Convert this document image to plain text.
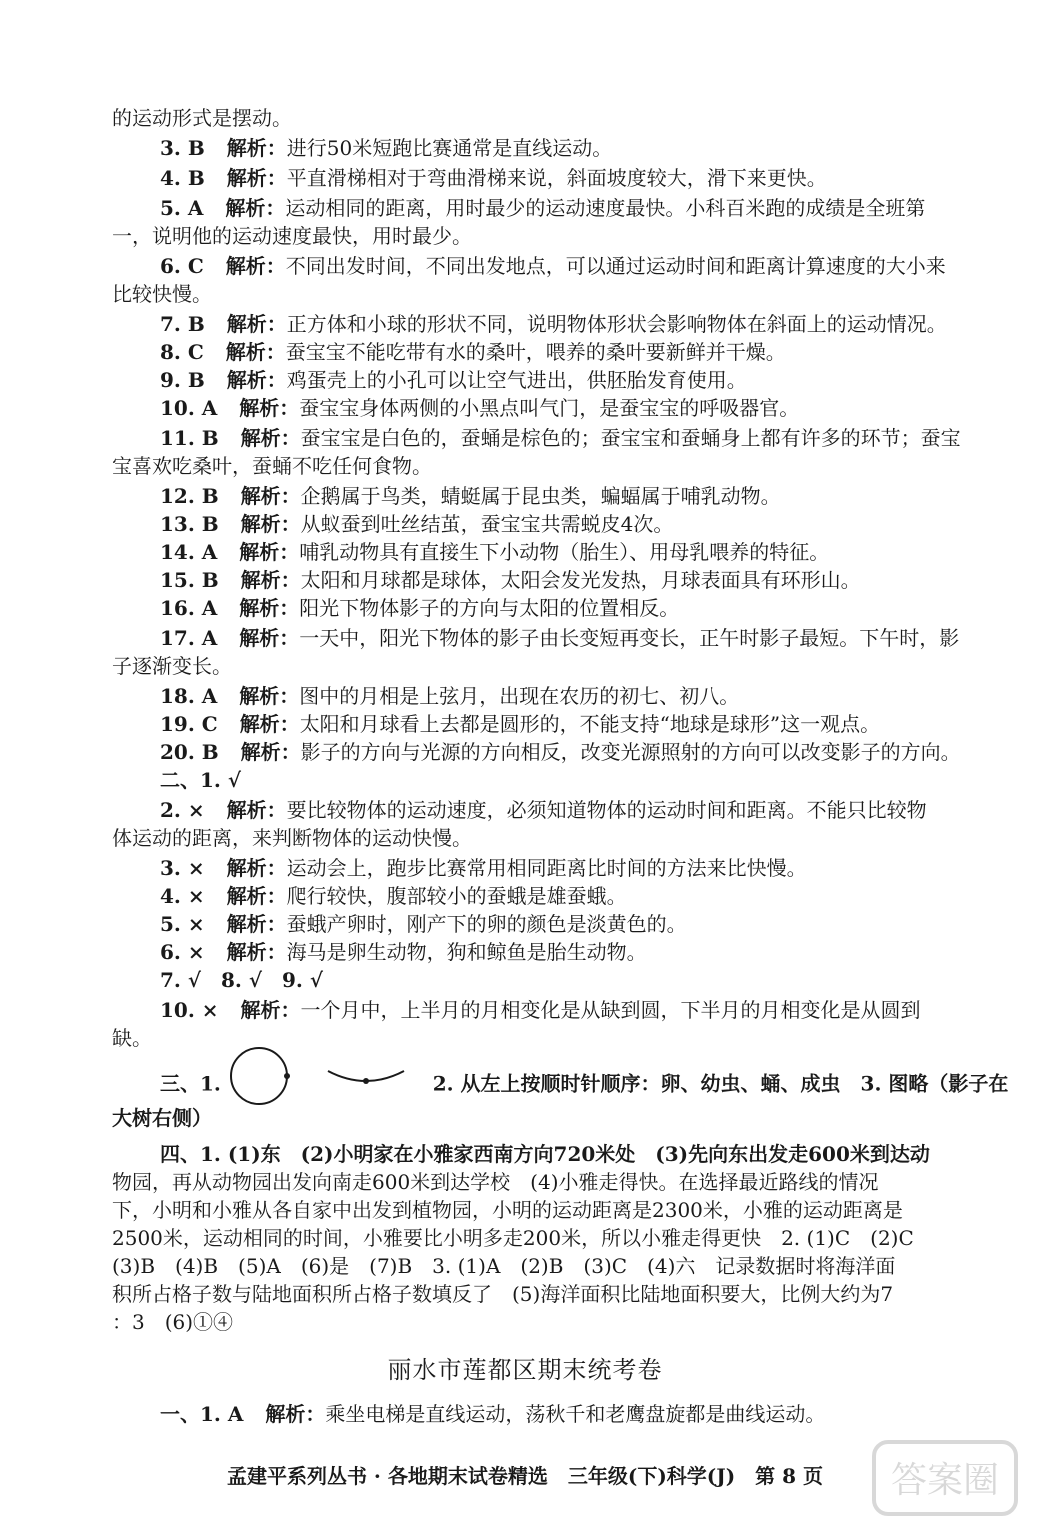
的运动形式是摆动。
3. B 解析：进行50米短跑比赛通常是直线运动。
4. B 解析：平直滑梯相对于弯曲滑梯来说，斜面坡度较大，滑下来更快。
5. A 解析：运动相同的距离，用时最少的运动速度最快。小科百米跑的成绩是全班第
一，说明他的运动速度最快，用时最少。
6. C 解析：不同出发时间，不同出发地点，可以通过运动时间和距离计算速度的大小来
比较快慢。
7. B 解析：正方体和小球的形状不同，说明物体形状会影响物体在斜面上的运动情况。
8. C 解析：蚕宝宝不能吃带有水的桑叶，喂养的桑叶要新鲜并干燥。
9. B 解析：鸡蛋壳上的小孔可以让空气进出，供胚胎发育使用。
10. A 解析：蚕宝宝身体两侧的小黑点叫气门，是蚕宝宝的呼吸器官。
11. B 解析：蚕宝宝是白色的，蚕蛹是棕色的；蚕宝宝和蚕蛹身上都有许多的环节；蚕宝
宝喜欢吃桑叶，蚕蛹不吃任何食物。
12. B 解析：企鹅属于鸟类，蜻蜓属于昆虫类，蝙蝠属于哺乳动物。
13. B 解析：从蚁蚕到吐丝结茧，蚕宝宝共需蜕皮4次。
14. A 解析：哺乳动物具有直接生下小动物（胎生）、用母乳喂养的特征。
15. B 解析：太阳和月球都是球体，太阳会发光发热，月球表面具有环形山。
16. A 解析：阳光下物体影子的方向与太阳的位置相反。
17. A 解析：一天中，阳光下物体的影子由长变短再变长，正午时影子最短。下午时，影
子逐渐变长。
18. A 解析：图中的月相是上弦月，出现在农历的初七、初八。
19. C 解析：太阳和月球看上去都是圆形的，不能支持“地球是球形”这一观点。
20. B 解析：影子的方向与光源的方向相反，改变光源照射的方向可以改变影子的方向。
二、1. √
2. × 解析：要比较物体的运动速度，必须知道物体的运动时间和距离。不能只比较物
体运动的距离，来判断物体的运动快慢。
3. × 解析：运动会上，跑步比赛常用相同距离比时间的方法来比快慢。
4. × 解析：爬行较快，腹部较小的蚕蛾是雄蚕蛾。
5. × 解析：蚕蛾产卵时，刚产下的卵的颜色是淡黄色的。
6. × 解析：海马是卵生动物，狗和鲸鱼是胎生动物。
7. √　8. √　9. √
10. × 解析：一个月中，上半月的月相变化是从缺到圆，下半月的月相变化是从圆到
缺。
三、1.	2. 从左上按顺时针顺序：卵、幼虫、蛹、成虫　3. 图略（影子在
大树右侧）
四、1. (1)东　(2)小明家在小雅家西南方向720米处　(3)先向东出发走600米到达动
物园，再从动物园出发向南走600米到达学校　(4)小雅走得快。在选择最近路线的情况
下，小明和小雅从各自家中出发到植物园，小明的运动距离是2300米，小雅的运动距离是
2500米，运动相同的时间，小雅要比小明多走200米，所以小雅走得更快　2. (1)C　(2)C
(3)B　(4)B　(5)A　(6)是　(7)B　3. (1)A　(2)B　(3)C　(4)六　记录数据时将海洋面
积所占格子数与陆地面积所占格子数填反了　(5)海洋面积比陆地面积要大，比例大约为7
：3　(6)①④
丽水市莲都区期末统考卷
一、1. A 解析：乘坐电梯是直线运动，荡秋千和老鹰盘旋都是曲线运动。
孟建平系列丛书 · 各地期末试卷精选　三年级(下)科学(J)　第 8 页	答案圈
